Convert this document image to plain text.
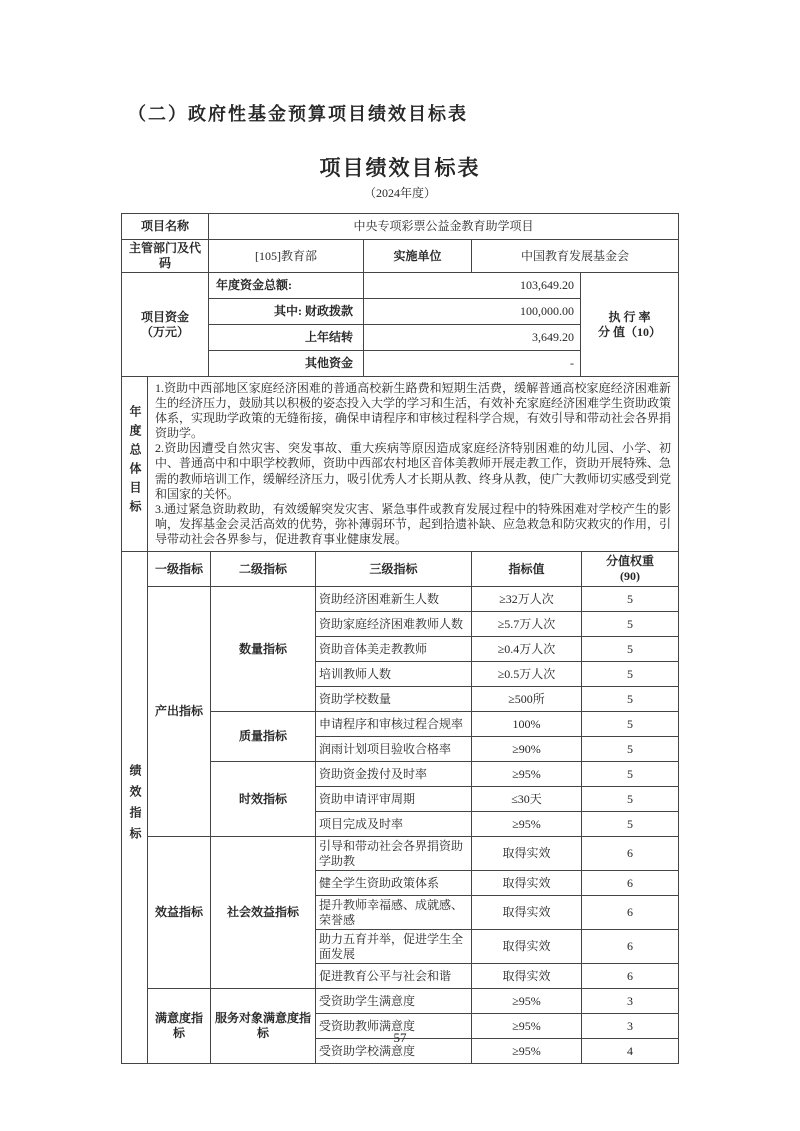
（二）政府性基金预算项目绩效目标表
项目绩效目标表
（2024年度）
项目名称	中央专项彩票公益金教育助学项目		
主管部门及代码	[105]教育部	实施单位	中国教育发展基金会
项目资金
（万元）
	年度资金总额:	103,649.20	
执 行 率
分 值（10）

	其中: 财政拨款	100,000.00	
	上年结转	3,649.20	
	其他资金	-	
年度总体目标	
1.资助中西部地区家庭经济困难的普通高校新生路费和短期生活费，缓解普通高校家庭经济困难新生的经济压力，鼓励其以积极的姿态投入大学的学习和生活，有效补充家庭经济困难学生资助政策体系，实现助学政策的无缝衔接，确保申请程序和审核过程科学合规，有效引导和带动社会各界捐资助学。
2.资助因遭受自然灾害、突发事故、重大疾病等原因造成家庭经济特别困难的幼儿园、小学、初中、普通高中和中职学校教师，资助中西部农村地区音体美教师开展走教工作，资助开展特殊、急需的教师培训工作，缓解经济压力，吸引优秀人才长期从教、终身从教，使广大教师切实感受到党和国家的关怀。
3.通过紧急资助救助，有效缓解突发灾害、紧急事件或教育发展过程中的特殊困难对学校产生的影响，发挥基金会灵活高效的优势，弥补薄弱环节，起到拾遗补缺、应急救急和防灾救灾的作用，引导带动社会各界参与，促进教育事业健康发展。
绩效指标	一级指标	二级指标	三级指标	指标值	分值权重
(90)

	产出指标	数量指标	资助经济困难新生人数	≥32万人次	5
			资助家庭经济困难教师人数	≥5.7万人次	5
			资助音体美走教教师	≥0.4万人次	5
			培训教师人数	≥0.5万人次	5
			资助学校数量	≥500所	5
		质量指标	申请程序和审核过程合规率	100%	5
			润雨计划项目验收合格率	≥90%	5
		时效指标	资助资金拨付及时率	≥95%	5
			资助申请评审周期	≤30天	5
			项目完成及时率	≥95%	5
	效益指标	社会效益指标	引导和带动社会各界捐资助学助教	取得实效	6
			健全学生资助政策体系	取得实效	6
			提升教师幸福感、成就感、荣誉感	取得实效	6
			助力五育并举，促进学生全面发展	取得实效	6
			促进教育公平与社会和谐	取得实效	6
	满意度指标	服务对象满意度指标	受资助学生满意度	≥95%	3
			受资助教师满意度	≥95%	3
			受资助学校满意度	≥95%	4
57
